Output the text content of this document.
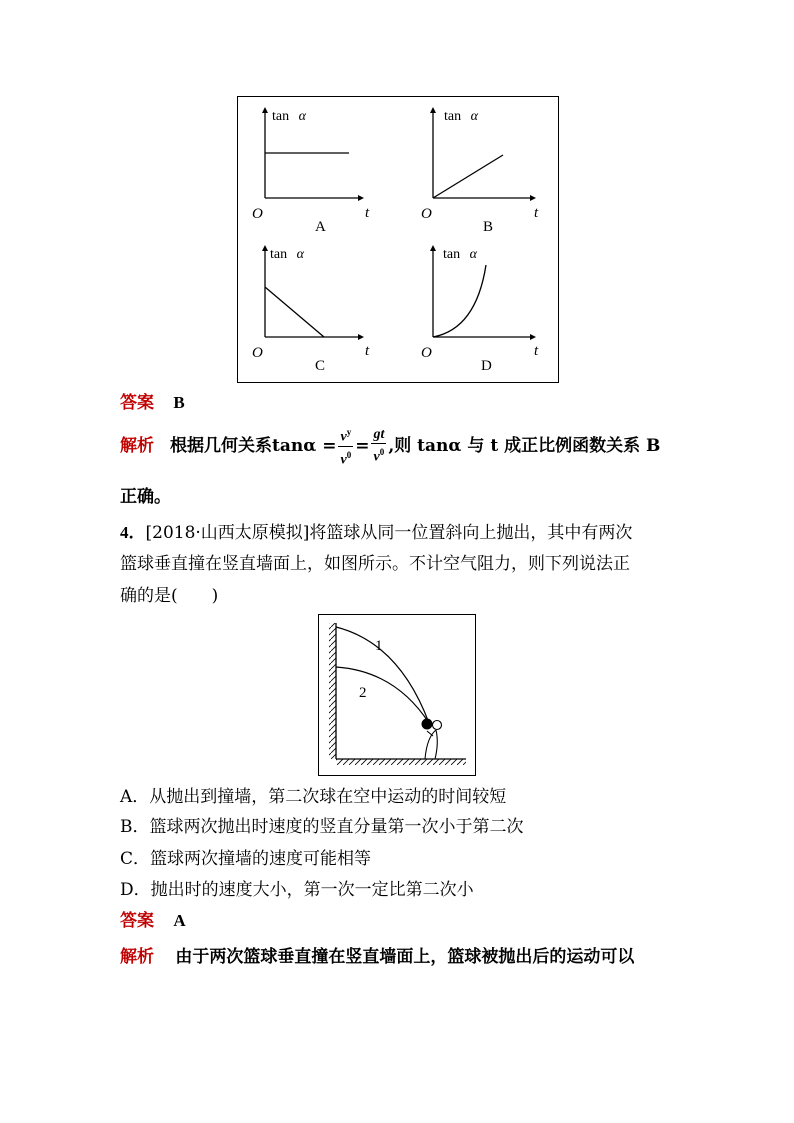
tan α
O	t
A
tan α
O	t
B
tan α
O	t
C
tan α
O	t
D
答案 B
解析 根据几何关系$\tan\alpha = \frac{v^y}{v^0} = \frac{gt}{v^0}$ ,则 tanα 与 t 成正比例函数关系 B
正确。
4．[2018·山西太原模拟]将篮球从同一位置斜向上抛出，其中有两次
篮球垂直撞在竖直墙面上，如图所示。不计空气阻力，则下列说法正
确的是(　　)
1
2
A．从抛出到撞墙，第二次球在空中运动的时间较短
B．篮球两次抛出时速度的竖直分量第一次小于第二次
C．篮球两次撞墙的速度可能相等
D．抛出时的速度大小，第一次一定比第二次小
答案 A
解析 由于两次篮球垂直撞在竖直墙面上，篮球被抛出后的运动可以
